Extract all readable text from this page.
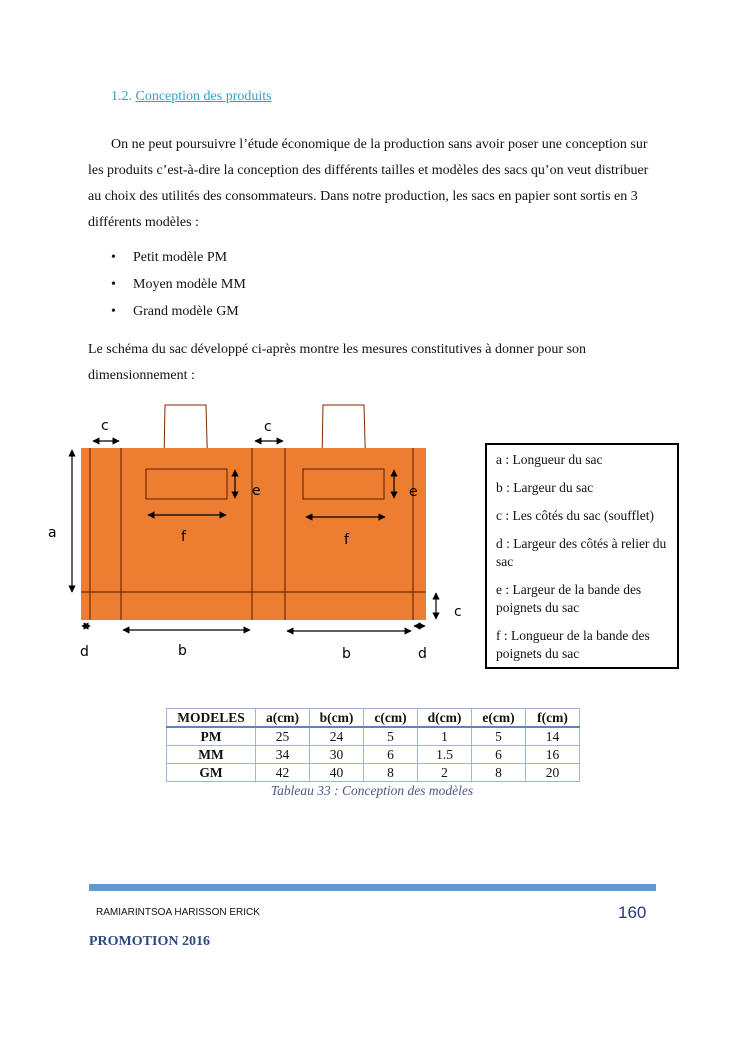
1.2. Conception des produits
On ne peut poursuivre l’étude économique de la production sans avoir poser une conception sur les produits c’est-à-dire la conception des différents tailles et modèles des sacs qu’on veut distribuer au choix des utilités des consommateurs. Dans notre production, les sacs en papier sont sortis en 3 différents modèles :
• Petit modèle PM
• Moyen modèle MM
• Grand modèle GM
Le schéma du sac développé ci-après montre les mesures constitutives à donner pour son dimensionnement :
c	c
a
e	e
f	f
c
d	b	b	d
a : Longueur du sac
b : Largeur du sac
c : Les côtés du sac (soufflet)
d : Largeur des côtés à relier du sac
e : Largeur de la bande des poignets du sac
f : Longueur de la bande des poignets du sac
MODELES	a(cm)	b(cm)	c(cm)	d(cm)	e(cm)	f(cm)
PM	25	24	5	1	5	14
MM	34	30	6	1.5	6	16
GM	42	40	8	2	8	20
Tableau 33 : Conception des modèles
RAMIARINTSOA HARISSON ERICK	160
PROMOTION 2016
